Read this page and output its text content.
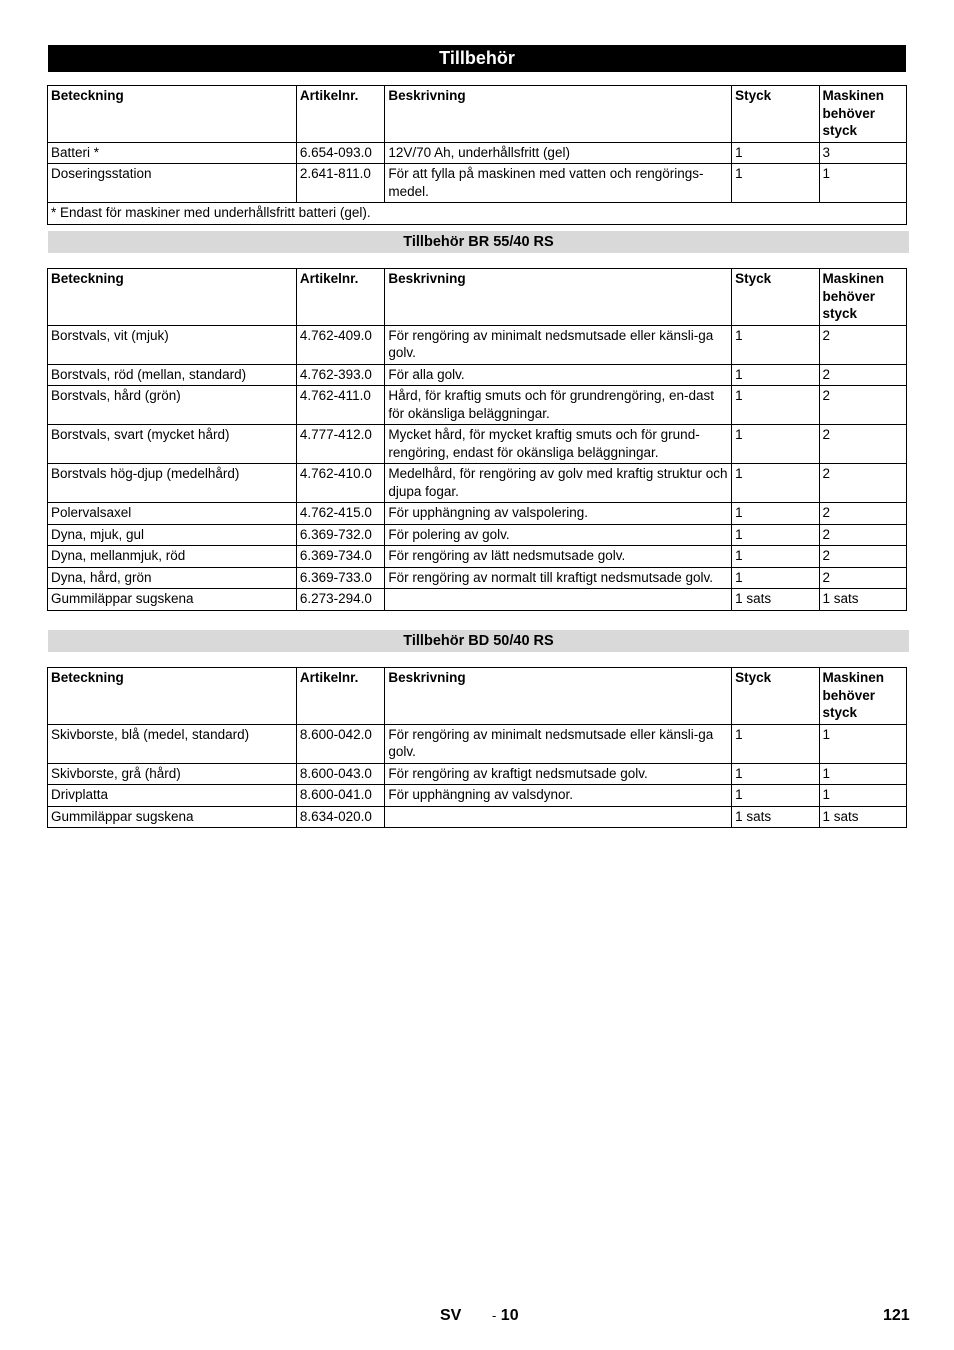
Tillbehör
Beteckning	Artikelnr.	Beskrivning	Styck	Maskinen behöver styck
Batteri *	6.654-093.0	12V/70 Ah, underhållsfritt (gel)	1	3
Doseringsstation	2.641-811.0	För att fylla på maskinen med vatten och rengörings-medel.	1	1
* Endast för maskiner med underhållsfritt batteri (gel).				
Tillbehör BR 55/40 RS
Beteckning	Artikelnr.	Beskrivning	Styck	Maskinen behöver styck
Borstvals, vit (mjuk)	4.762-409.0	För rengöring av minimalt nedsmutsade eller känsli-ga golv.	1	2
Borstvals, röd (mellan, standard)	4.762-393.0	För alla golv.	1	2
Borstvals, hård (grön)	4.762-411.0	Hård, för kraftig smuts och för grundrengöring, en-dast för okänsliga beläggningar.	1	2
Borstvals, svart (mycket hård)	4.777-412.0	Mycket hård, för mycket kraftig smuts och för grund-rengöring, endast för okänsliga beläggningar.	1	2
Borstvals hög-djup (medelhård)	4.762-410.0	Medelhård, för rengöring av golv med kraftig struktur och djupa fogar.	1	2
Polervalsaxel	4.762-415.0	För upphängning av valspolering.	1	2
Dyna, mjuk, gul	6.369-732.0	För polering av golv.	1	2
Dyna, mellanmjuk, röd	6.369-734.0	För rengöring av lätt nedsmutsade golv.	1	2
Dyna, hård, grön	6.369-733.0	För rengöring av normalt till kraftigt nedsmutsade golv.	1	2
Gummiläppar sugskena	6.273-294.0		1 sats	1 sats
Tillbehör BD 50/40 RS
Beteckning	Artikelnr.	Beskrivning	Styck	Maskinen behöver styck
Skivborste, blå (medel, standard)	8.600-042.0	För rengöring av minimalt nedsmutsade eller känsli-ga golv.	1	1
Skivborste, grå (hård)	8.600-043.0	För rengöring av kraftigt nedsmutsade golv.	1	1
Drivplatta	8.600-041.0	För upphängning av valsdynor.	1	1
Gummiläppar sugskena	8.634-020.0		1 sats	1 sats
SV - 10	121
